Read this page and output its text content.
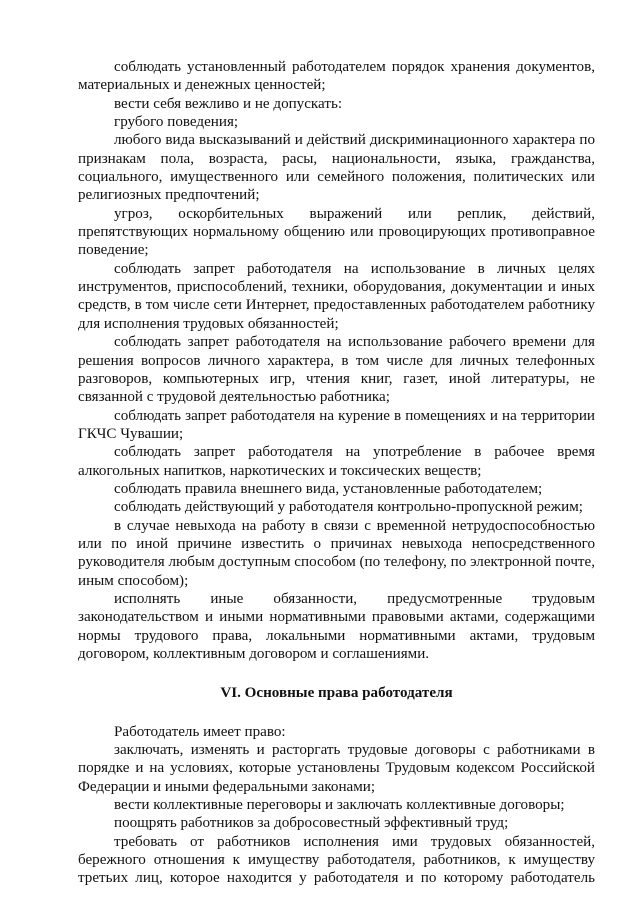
соблюдать установленный работодателем порядок хранения документов, материальных и денежных ценностей;

вести себя вежливо и не допускать:

грубого поведения;

любого вида высказываний и действий дискриминационного характера по признакам пола, возраста, расы, национальности, языка, гражданства, социального, имущественного или семейного положения, политических или религиозных предпочтений;

угроз, оскорбительных выражений или реплик, действий, препятствующих нормальному общению или провоцирующих противоправное поведение;

соблюдать запрет работодателя на использование в личных целях инструментов, приспособлений, техники, оборудования, документации и иных средств, в том числе сети Интернет, предоставленных работодателем работнику для исполнения трудовых обязанностей;

соблюдать запрет работодателя на использование рабочего времени для решения вопросов личного характера, в том числе для личных телефонных разговоров, компьютерных игр, чтения книг, газет, иной литературы, не связанной с трудовой деятельностью работника;

соблюдать запрет работодателя на курение в помещениях и на территории ГКЧС Чувашии;

соблюдать запрет работодателя на употребление в рабочее время алкогольных напитков, наркотических и токсических веществ;

соблюдать правила внешнего вида, установленные работодателем;

соблюдать действующий у работодателя контрольно-пропускной режим;

в случае невыхода на работу в связи с временной нетрудоспособностью или по иной причине известить о причинах невыхода непосредственного руководителя любым доступным способом (по телефону, по электронной почте, иным способом);

исполнять иные обязанности, предусмотренные трудовым законодательством и иными нормативными правовыми актами, содержащими нормы трудового права, локальными нормативными актами, трудовым договором, коллективным договором и соглашениями.

VI. Основные права работодателя

Работодатель имеет право:

заключать, изменять и расторгать трудовые договоры с работниками в порядке и на условиях, которые установлены Трудовым кодексом Российской Федерации и иными федеральными законами;

вести коллективные переговоры и заключать коллективные договоры;

поощрять работников за добросовестный эффективный труд;

требовать от работников исполнения ими трудовых обязанностей, бережного отношения к имуществу работодателя, работников, к имуществу третьих лиц, которое находится у работодателя и по которому работодатель
